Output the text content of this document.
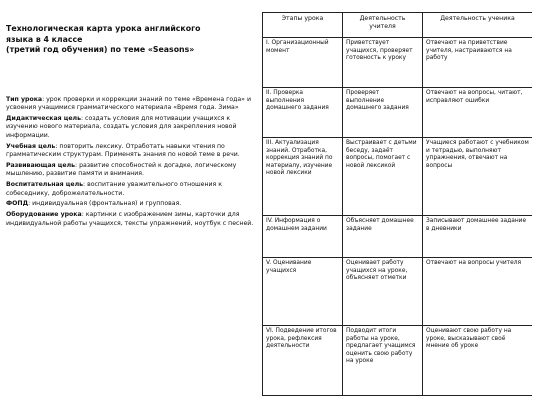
Технологическая карта урока английского
языка в 4 классе
(третий год обучения) по теме «Seasons»

Тип урока: урок проверки и коррекции знаний по теме «Времена года» и усвоения учащимися грамматического материала «Время года. Зима»

Дидактическая цель: создать условия для мотивации учащихся к изучению нового материала, создать условия для закрепления новой информации.

Учебная цель: повторить лексику. Отработать навыки чтения по грамматическим структурам. Применять знания по новой теме в речи.

Развивающая цель: развитие способностей к догадке, логическому мышлению, развитие памяти и внимания.

Воспитательная цель: воспитание уважительного отношения к собеседнику, доброжелательности.

ФОПД: индивидуальная (фронтальная) и групповая.

Оборудование урока: картинки с изображением зимы, карточки для индивидуальной работы учащихся, тексты упражнений, ноутбук с песней.

Этапы урока	Деятельность учителя	Деятельность ученика
I. Организационный момент	Приветствует учащихся, проверяет готовность к уроку	Отвечают на приветствие учителя, настраиваются на работу
II. Проверка выполнения домашнего задания	Проверяет выполнение домашнего задания	Отвечают на вопросы, читают, исправляют ошибки
III. Актуализация знаний. Отработка, коррекция знаний по материалу, изучение новой лексики	Выстраивает с детьми беседу, задаёт вопросы, помогает с новой лексикой	Учащиеся работают с учебником и тетрадью, выполняют упражнения, отвечают на вопросы
IV. Информация о домашнем задании	Объясняет домашнее задание	Записывают домашнее задание в дневники
V. Оценивание учащихся	Оценивает работу учащихся на уроке, объясняет отметки	Отвечают на вопросы учителя
VI. Подведение итогов урока, рефлексия деятельности	Подводит итоги работы на уроке, предлагает учащимся оценить свою работу на уроке	Оценивают свою работу на уроке, высказывают своё мнение об уроке
